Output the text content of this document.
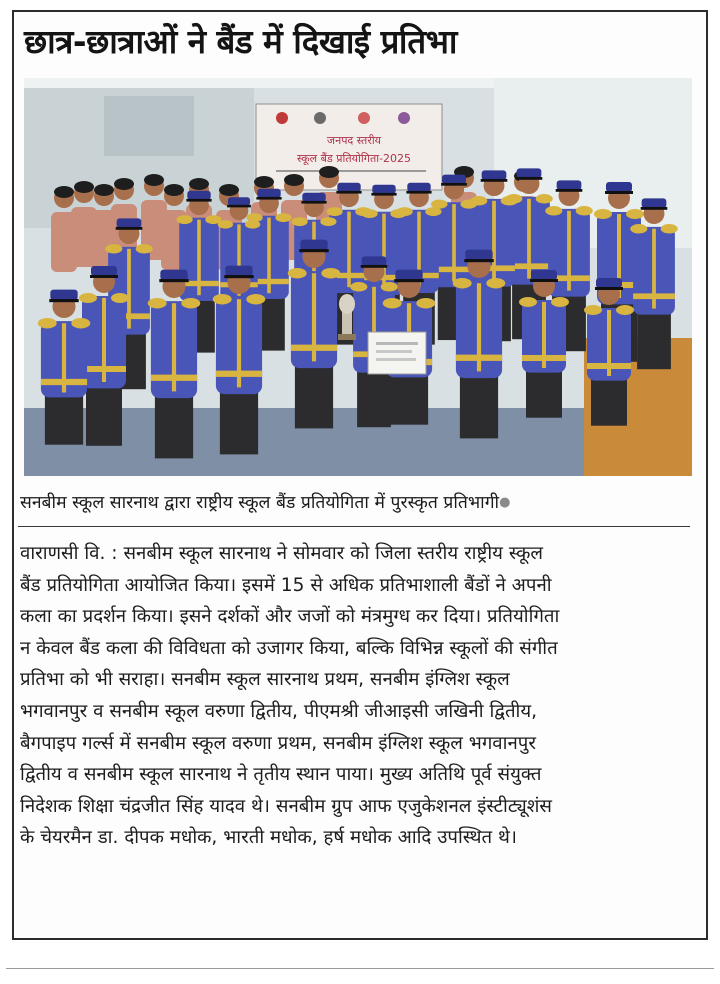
छात्र-छात्राओं ने बैंड में दिखाई प्रतिभा
जनपद स्तरीय
स्कूल बैंड प्रतियोगिता-2025
सनबीम स्कूल सारनाथ द्वारा राष्ट्रीय स्कूल बैंड प्रतियोगिता में पुरस्कृत प्रतिभागी●
वाराणसी वि. : सनबीम स्कूल सारनाथ ने सोमवार को जिला स्तरीय राष्ट्रीय स्कूल
बैंड प्रतियोगिता आयोजित किया। इसमें 15 से अधिक प्रतिभाशाली बैंडों ने अपनी
कला का प्रदर्शन किया। इसने दर्शकों और जजों को मंत्रमुग्ध कर दिया। प्रतियोगिता
न केवल बैंड कला की विविधता को उजागर किया, बल्कि विभिन्न स्कूलों की संगीत
प्रतिभा को भी सराहा। सनबीम स्कूल सारनाथ प्रथम, सनबीम इंग्लिश स्कूल
भगवानपुर व सनबीम स्कूल वरुणा द्वितीय, पीएमश्री जीआइसी जखिनी द्वितीय,
बैगपाइप गर्ल्स में सनबीम स्कूल वरुणा प्रथम, सनबीम इंग्लिश स्कूल भगवानपुर
द्वितीय व सनबीम स्कूल सारनाथ ने तृतीय स्थान पाया। मुख्य अतिथि पूर्व संयुक्त
निदेशक शिक्षा चंद्रजीत सिंह यादव थे। सनबीम ग्रुप आफ एजुकेशनल इंस्टीट्यूशंस
के चेयरमैन डा. दीपक मधोक, भारती मधोक, हर्ष मधोक आदि उपस्थित थे।
